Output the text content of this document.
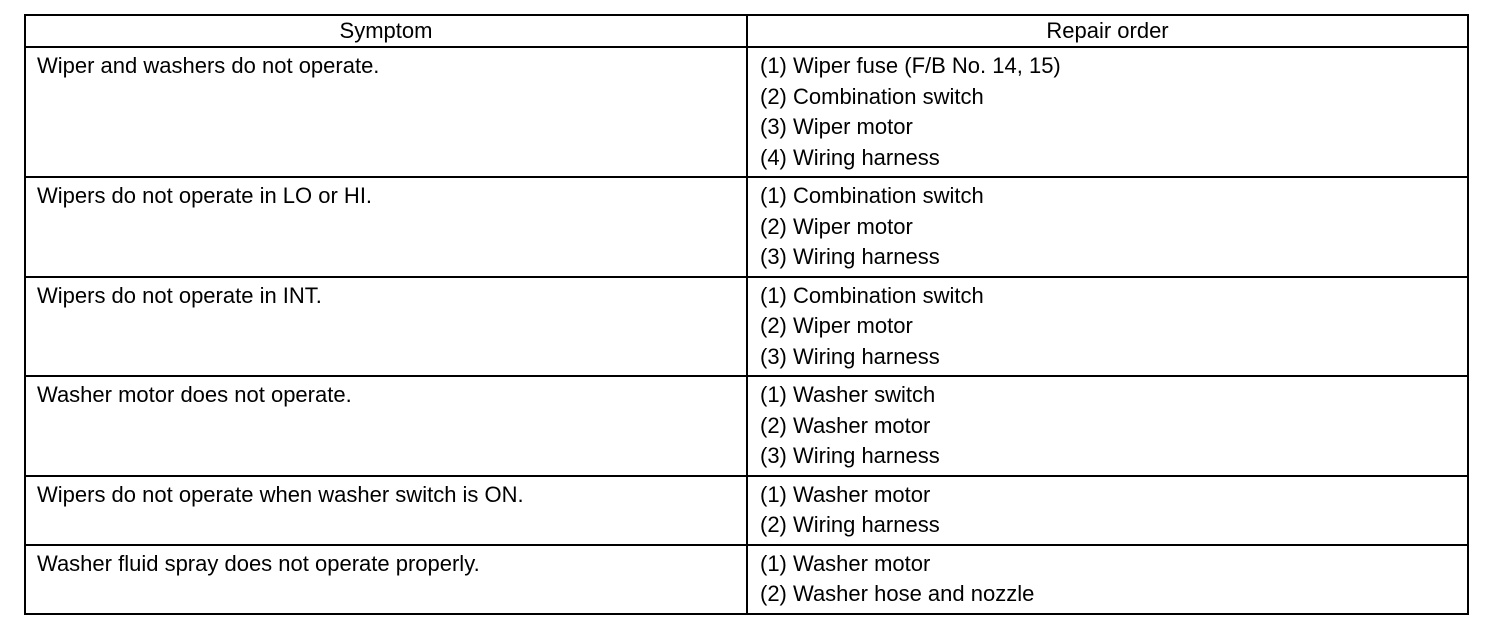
Symptom	Repair order
Wiper and washers do not operate.	(1) Wiper fuse (F/B No. 14, 15)
(2) Combination switch
(3) Wiper motor
(4) Wiring harness

Wipers do not operate in LO or HI.	(1) Combination switch
(2) Wiper motor
(3) Wiring harness

Wipers do not operate in INT.	(1) Combination switch
(2) Wiper motor
(3) Wiring harness

Washer motor does not operate.	(1) Washer switch
(2) Washer motor
(3) Wiring harness

Wipers do not operate when washer switch is ON.	(1) Washer motor
(2) Wiring harness

Washer fluid spray does not operate properly.	(1) Washer motor
(2) Washer hose and nozzle
